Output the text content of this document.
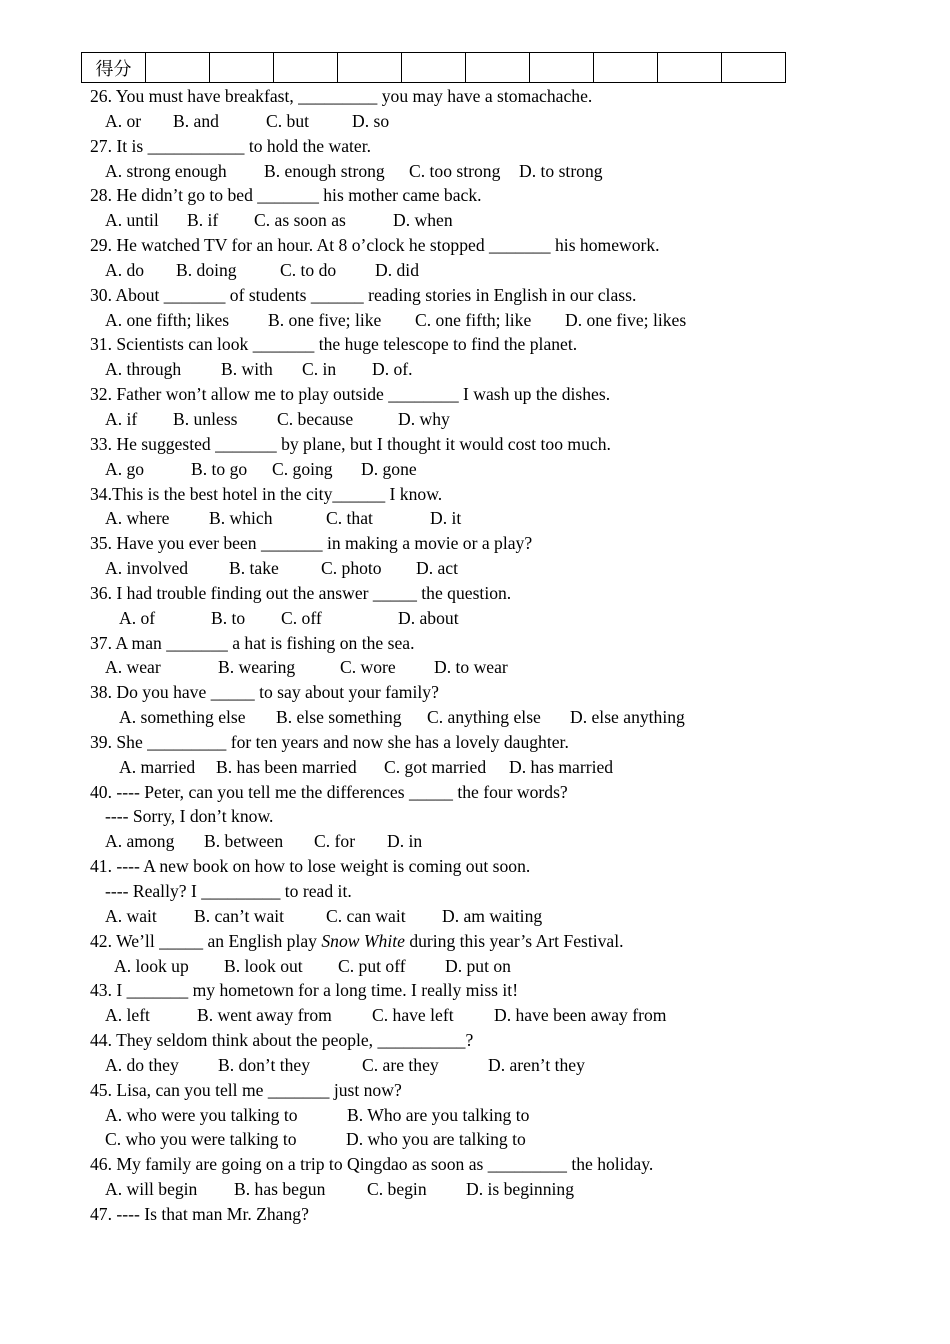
得分										
26. You must have breakfast, _________ you may have a stomachache.
A. or B. and	C. but D. so
27. It is ___________ to hold the water.
A. strong enough B. enough strong C. too strong D. to strong
28. He didn’t go to bed _______ his mother came back.
A. until B. if C. as soon as	D. when
29. He watched TV for an hour. At 8 o’clock he stopped _______ his homework.
A. do B. doing C. to do D. did
30. About _______ of students ______ reading stories in English in our class.
A. one fifth; likes B. one five; like C. one fifth; like D. one five; likes
31. Scientists can look _______ the huge telescope to find the planet.
A. through B. with C. in D. of.
32. Father won’t allow me to play outside ________ I wash up the dishes.
A. if B. unless C. because	D. why
33. He suggested _______ by plane, but I thought it would cost too much.
A. go	B. to go C. going D. gone
34.This is the best hotel in the city______ I know.
A. where B. which	C. that	D. it
35. Have you ever been _______ in making a movie or a play?
A. involved B. take C. photo D. act
36. I had trouble finding out the answer _____ the question.
A. of	B. to C. off	D. about
37. A man _______ a hat is fishing on the sea.
A. wear	B. wearing	C. wore D. to wear
38. Do you have _____ to say about your family?
A. something else B. else something C. anything else D. else anything
39. She _________ for ten years and now she has a lovely daughter.
A. married B. has been married C. got married D. has married
40. ---- Peter, can you tell me the differences _____ the four words?
---- Sorry, I don’t know.
A. among B. between C. for D. in
41. ---- A new book on how to lose weight is coming out soon.
---- Really? I _________ to read it.
A. wait B. can’t wait C. can wait D. am waiting
42. We’ll _____ an English play Snow White during this year’s Art Festival.
A. look up B. look out C. put off D. put on
43. I _______ my hometown for a long time. I really miss it!
A. left	B. went away from C. have left D. have been away from
44. They seldom think about the people, __________?
A. do they B. don’t they	C. are they	D. aren’t they
45. Lisa, can you tell me _______ just now?
A. who were you talking to	B. Who are you talking to
C. who you were talking to	D. who you are talking to
46. My family are going on a trip to Qingdao as soon as _________ the holiday.
A. will begin B. has begun C. begin D. is beginning
47. ---- Is that man Mr. Zhang?
